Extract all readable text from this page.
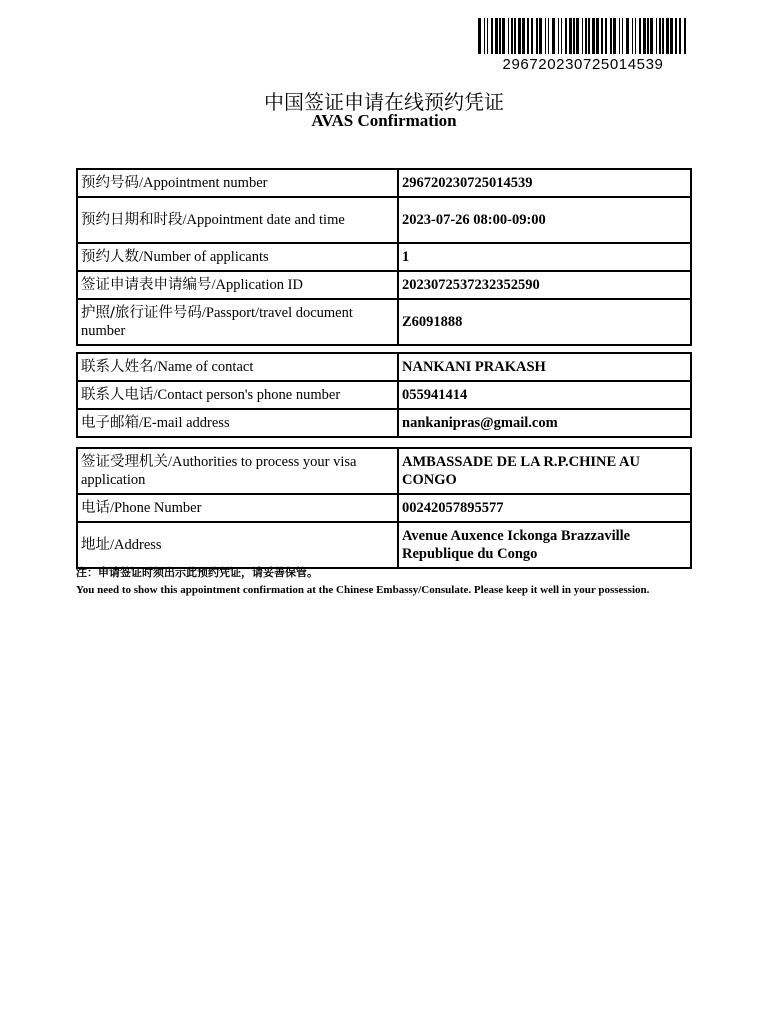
296720230725014539
中国签证申请在线预约凭证
AVAS Confirmation
预约号码/Appointment number	296720230725014539
预约日期和时段/Appointment date and time	2023-07-26 08:00-09:00
预约人数/Number of applicants	1
签证申请表申请编号/Application ID	2023072537232352590
护照/旅行证件号码/Passport/travel document number	Z6091888
联系人姓名/Name of contact	NANKANI PRAKASH
联系人电话/Contact person's phone number	055941414
电子邮箱/E-mail address	nankanipras@gmail.com
签证受理机关/Authorities to process your visa application	AMBASSADE DE LA R.P.CHINE AU CONGO
电话/Phone Number	00242057895577
地址/Address	Avenue Auxence Ickonga Brazzaville Republique du Congo
注：申请签证时须出示此预约凭证，请妥善保管。
You need to show this appointment confirmation at the Chinese Embassy/Consulate. Please keep it well in your possession.
